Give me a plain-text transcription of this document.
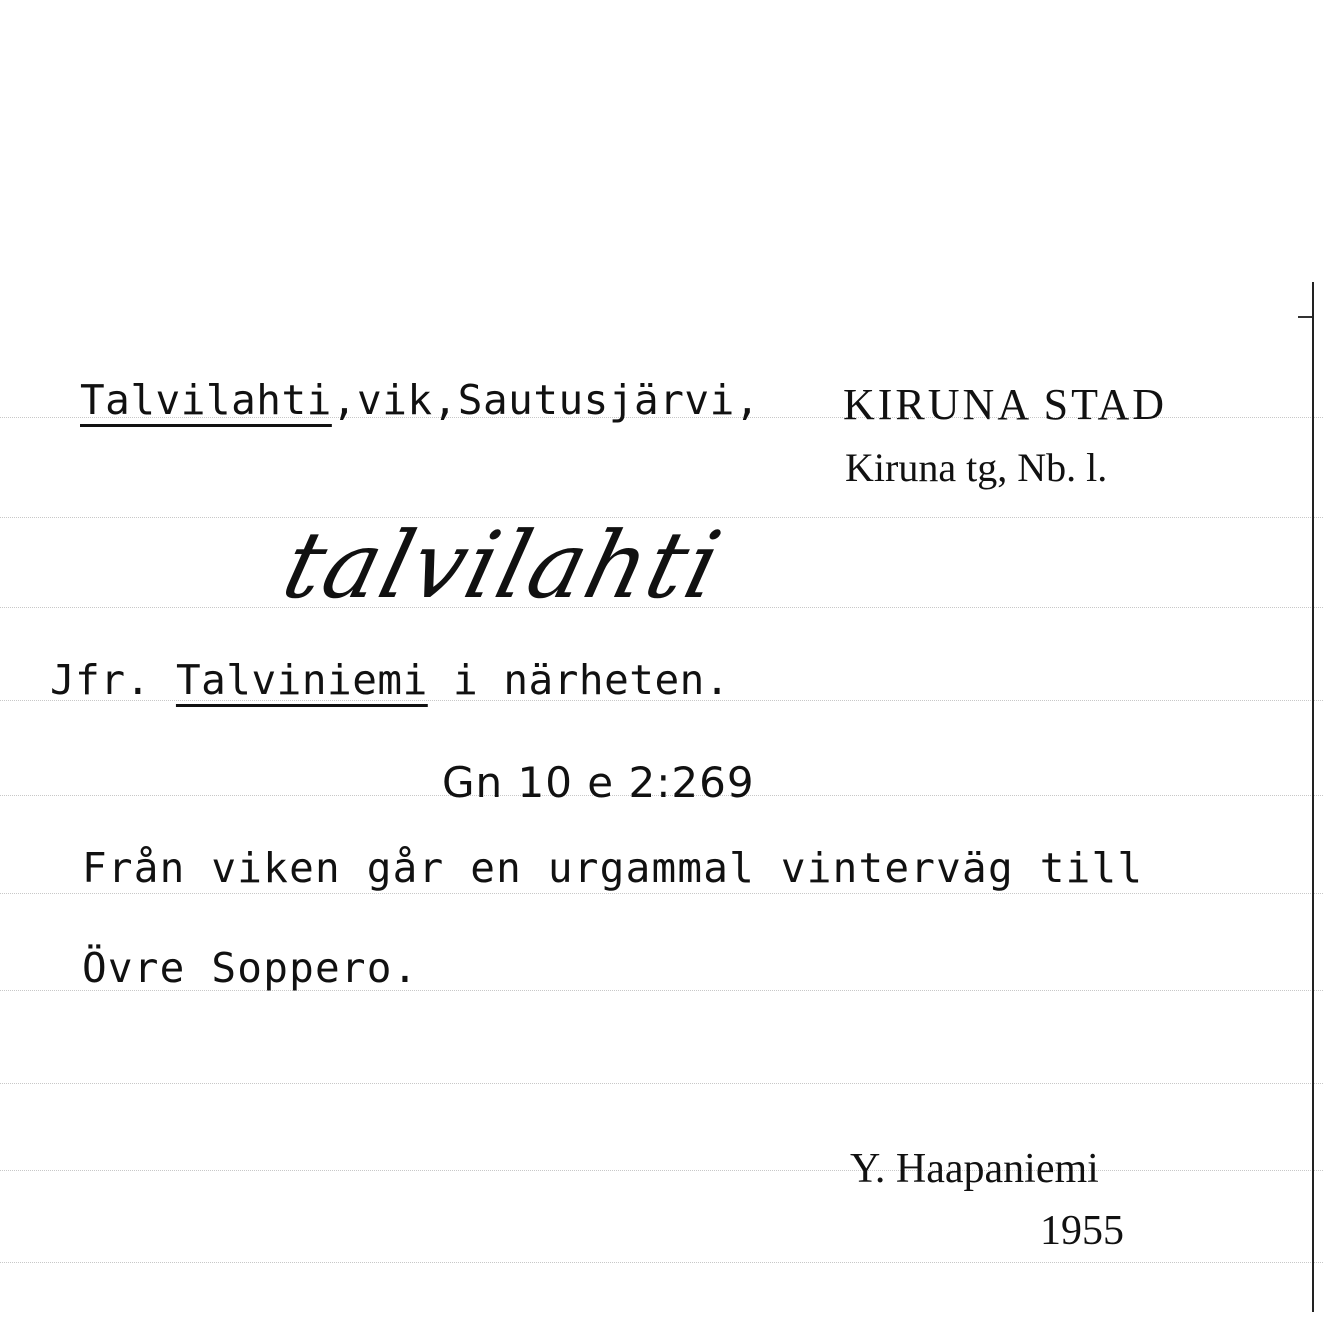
Talvilahti,vik,Sautusjärvi, KIRUNA STAD
Kiruna tg, Nb. l.
talvilahti
Jfr. Talviniemi i närheten.
Gn 10 e 2:269
Från viken går en urgammal vinterväg till
Övre Soppero.
Y. Haapaniemi
1955
